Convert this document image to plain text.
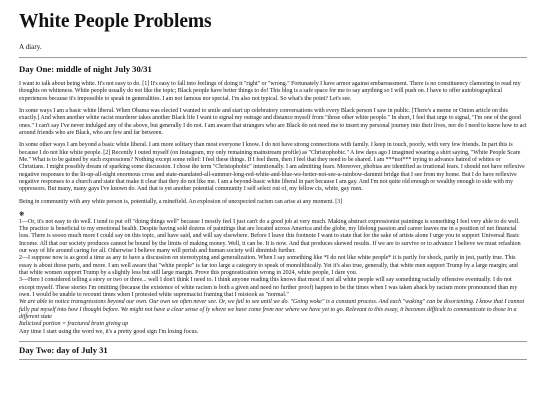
White People Problems

A diary.

Day One: middle of night July 30/31

I want to talk about being white. It's not easy to do. [1] It's easy to fall into feelings of doing it "right" or "wrong." Fortunately I have armor against embarrassment. There is no constituency clamoring to read my thoughts on whiteness. White people usually do not like the topic; Black people have better things to do! This blog is a safe space for me to say anything so I will push on. I have to offer autobiographical experiences because it's impossible to speak in generalities. I am not famous nor special. I'm also not typical. So what's the point? Let's see.

In some ways I am a basic white liberal. When Obama was elected I wanted to smile and start up celebratory conversations with every Black person I saw in public. [There's a meme or Onion article on this exactly.] And when another white racist murderer takes another Black life I want to signal my outrage and distance myself from "those other white people." In short, I feel that urge to signal, "I'm one of the good ones." I can't say I've never indulged any of the above, but generally I do not. I am aware that strangers who are Black do not need me to insert my personal journey into their lives, nor do I need to know how to act around friends who are Black, who are few and far between.

In some other ways I am beyond a basic white liberal. I am more solitary than most everyone I know. I do not have strong connections with family. I keep in touch, poorly, with very few friends. In part this is because I do not like white people. [2] Recently I outed myself (on Instagram, my only remaining mainstream profile) as "Christophobic." A few days ago I imagined wearing a shirt saying, "White People Scare Me." What is to be gained by such expressions? Nothing except some relief: I feel these things. If I feel them, then I feel that they need to be shared. I am ***not*** trying to advance hatred of whites or Christians. I might possibly dream of sparking some discussion. I chose the term "Christophobic" intentionally. I am admitting fears. Moreover, phobias are identified as irrational fears. I should not have reflexive negative responses to the lit-up-all-night enormous cross and state-mandated-all-summer-long-red-white-and-blue-we-better-not-see-a-rainbow-dammit bridge that I see from my home. But I do have reflexive negative responses to a church and state that make it clear that they do not like me. I am a beyond-basic white liberal in part because I am gay. And I'm not quite old enough or wealthy enough to side with my oppressors. But many, many gays I've known do. And that is yet another potential community I self select out of, my fellow cis, white, gay men.

Being in community with any white person is, potentially, a minefield. An explosion of unexpected racism can arise at any moment. [3]

❋

1—Or, it's not easy to do well. I tend to put off "doing things well" because I mostly feel I just can't do a good job at very much. Making abstract expressionist paintings is something I feel very able to do well. The practice is beneficial to my emotional health. Despite having sold dozens of paintings that are located across America and the globe, my lifelong passion and career leaves me in a position of net financial loss. There is soooo much more I could say on this topic, and have said, and will say elsewhere. Before I leave this footnote I want to state that for the sake of artists alone I urge you to support Universal Basic Income. All that our society produces cannot be bound by the limits of making money. Well, it can be. It is now. And that produces skewed results. If we are to survive or to advance I believe we must refashion our way of life around caring for all. Otherwise I believe many will perish and human society will diminish further.

2—I suppose now is as good a time as any to have a discussion on stereotyping and generalization. When I say something like *I do not like white people* it is partly for shock, partly in jest, partly true. This essay is about those parts, and more. I am well aware that "white people" is far too large a category to speak of monolithically. Yet it's also true, generally, that white men support Trump by a large margin; and that white women support Trump by a slightly less but still large margin. Prove this prognostication wrong in 2024, white people, I dare you.

3—Here I considered telling a story or two or three... well I don't think I need to. I think anyone reading this knows that most if not all white people will say something racially offensive eventually. I do not except myself. These stories I'm omitting (because the existence of white racism is both a given and need no further proof) happen to be the times when I was taken aback by racism more pronounced than my own. I would be unable to recount times when I protested white supremacist framing that I mistook as "normal."

We are able to notice transgressions beyond our own. Our own we often never see. Or, we fail to see until we do. "Going woke" is a constant process. And each "waking" can be disorienting. I know that I cannot fully put myself into how I thought before. We might not have a clear sense of ly where we have come from nor where we have yet to go. Relevant to this essay, it becomes difficult to communicate to those in a different state

Italicized portion = fractured brain giving up

Any time I start using the word we, it's a pretty good sign I'm losing focus.

Day Two: day of July 31
